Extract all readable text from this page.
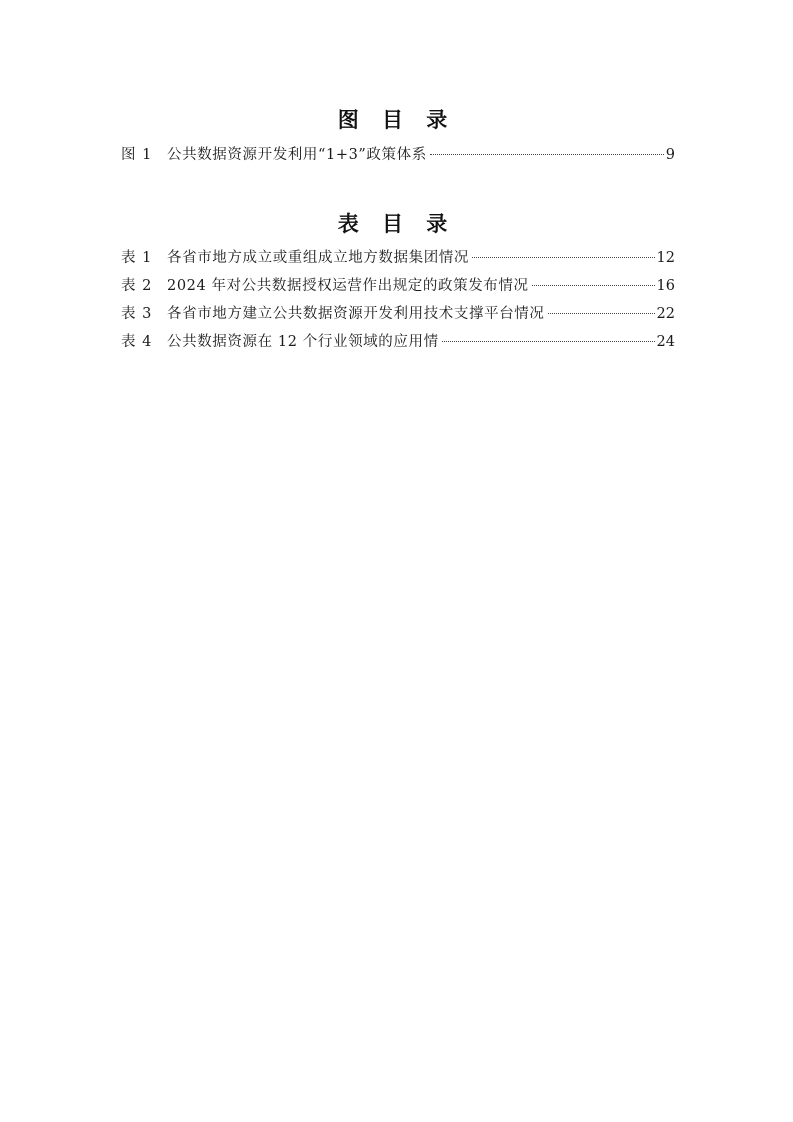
图 目 录
图 1	公共数据资源开发利用“1+3”政策体系	9
表 目 录
表 1	各省市地方成立或重组成立地方数据集团情况	12
表 2	2024 年对公共数据授权运营作出规定的政策发布情况	16
表 3	各省市地方建立公共数据资源开发利用技术支撑平台情况	22
表 4	公共数据资源在 12 个行业领域的应用情	24
